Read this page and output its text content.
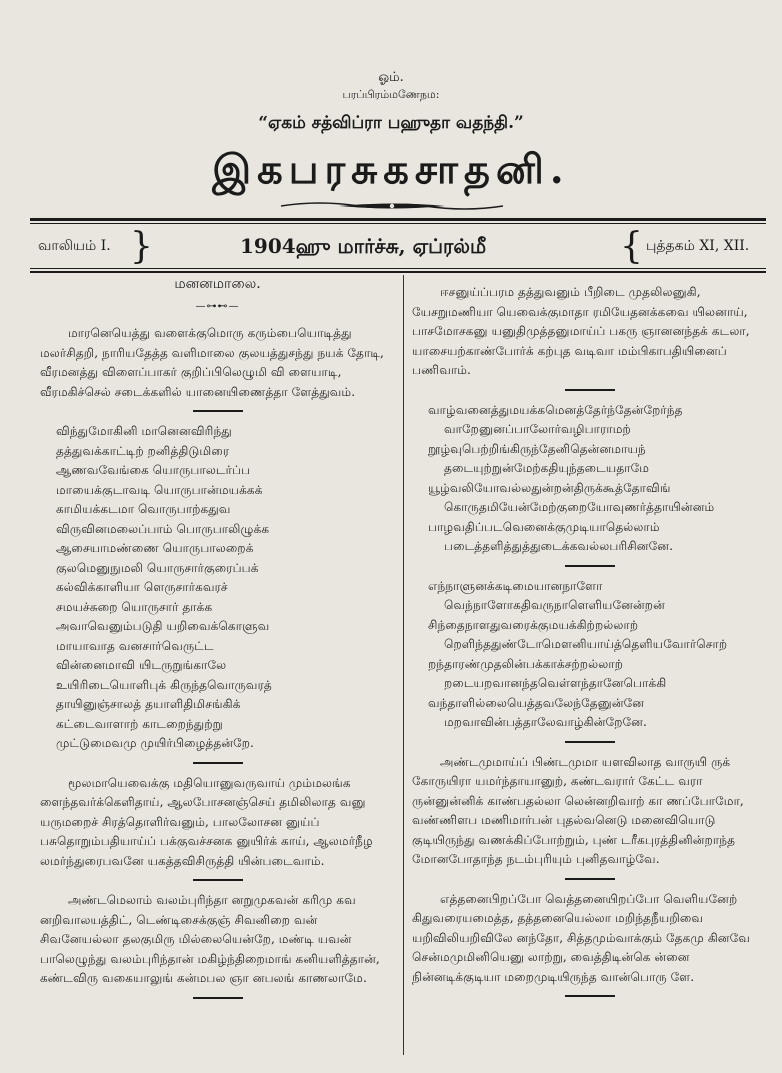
ஓம்.
பரப்பிரம்மணேநம:
“ஏகம் சத்விப்ரா பஹுதா வதந்தி.”
இகபரசுகசாதனி.
வாலியம் I. }	1904ஹு மார்ச்சு, ஏப்ரல்மீ	{ புத்தகம் XI, XII.
மனனமாலை.
—⊶⊷—

மாரனெயெத்து வளைக்குமொரு கரும்பையொடித்து மலர்சிதறி, நாரியதேத்த வளிமாலை குலயத்துசந்து நயக் தோடி, வீரமனத்து விளைப்பாகர் குறிப்பிலெழுமி வி ளையாடி, வீரமகிச்செல் சடைக்களில் யானையிணைத்தா ளேத்துவம்.

விந்துமோகினி மானெனவிரிந்து
தத்துவக்காட்டிற் றனித்திடுமிரை
ஆணவவேங்கை யொருபாலடர்ப்ப
மாயைக்குடாவடி யொருபான்மயக்கக்
காமியக்கடமா வொருபாற்கதுவ
விருவினமலைப்பாம் பொருபாலிழுக்க
ஆசையாமண்ணை யொருபாலறைக்
குலமெனுநுமலி யொருசார்குரைப்பக்
கல்விக்காளியா ளெருசார்கவரச்
சமயச்சுறை யொருசார் தாக்க
அவாவெனும்படுதி யறிவைக்கொளுவ
மாயாவாத வனசார்வெருட்ட
வின்னைமாவி யிடருறுங்காலே
உயிரிடையொளிபுக் கிருந்தவொருவரத்
தாயினுஞ்சாலத் தயாளிதிமிசங்கிக்
கட்டைவாளாற் காடறைந்துற்று
முட்டுமைவமு முயிர்பிழைத்தன்றே.

மூலமாயெவைக்கு மதியொனுவருவாய் மும்மலங்க ளைந்தவர்க்கெளிதாய், ஆலபோசனஞ்செய் தமிலிலாத வனு யருமறைச் சிரத்தொளிர்வனும், பாலலோசன னுய்ப் பசுதொறும்பதியாய்ப் பக்குவச்சனக னுயிர்க் காய், ஆலமர்நீழ லமர்ந்துரைபவனே யகத்தவிசிருத்தி யின்படைவாம்.

அண்டமெலாம் வலம்புரிந்தா னறுமுகவன் கரிமு கவ னறிவாலயத்திட், டெண்டிசைக்குஞ் சிவனிறை வன் சிவனேயல்லா தலகுமிரு மில்லையென்றே, மண்டி யவன் பாலெழுந்து வலம்புரிந்தான் மகிழ்ந்திறைமாங் கனியளித்தான், கண்டவிரு வகையாலுங் கன்மபல ஞா னபலங் காணலாமே.

ஈசனுய்ப்பரம தத்துவனும் பீறிடை முதலிலனுகி, யேசறுமணியா யெவைக்குமாதா ரமியேதனக்கவை யிலனாய், பாசமோசகனு யனுதிமுத்தனுமாய்ப் பகரு ஞானனந்தக் கடலா, யாசையற்காண்போர்க் கற்புத வடிவா மம்பிகாபதியினைப் பணிவாம்.

வாழ்வனைத்துமயக்கமெனத்தேர்ந்தேன்றேர்ந்த
வாறேனுனப்பாலோர்வழிபாராமற்
றூழ்வுபெற்றிங்கிருந்தேனிதென்னமாயந்
தடையுற்றுன்மேற்கதியுந்தடையதாமே
யூழ்வலியோவல்லதுன்றன்திருக்கூத்தோவிங்
கொருதமியேன்மேற்குறையோவுணர்த்தாயின்னம்
பாழவதிப்படவெனைக்குமுடியாதெல்லாம்
படைத்தளித்துத்துடைக்கவல்லபரிசினனே.
எந்நாளுனக்கடிமையானநாளோ
வெந்நாளோகதிவருநாளெளியனேன்றன்
சிந்தைநாளதுவரைக்குமயக்கிற்றல்லாற்
றெளிந்ததுண்டோமௌனியாய்த்தெளியவோர்சொற்
றந்தாரண்முதலின்பக்காக்சற்றல்லாற்
றடையறவானந்தவெள்ளந்தானேபொக்கி
வந்தாளில்லையெத்தவலேந்தேனுன்னே
மறவாவின்பத்தாலேவாழ்கின்றேனே.

அண்டமுமாய்ப் பிண்டமுமா யளவிலாத வாருயி ருக் கோருயிரா யமர்ந்தாயானுற், கண்டவரார் கேட்ட வரா ருன்னுன்னிக் காண்பதல்லா லென்னறிவாற் கா ணப்போமோ, வண்ணிளப மணிமார்பன் புதல்வனெடு மனைவியொடு குடியிருந்து வணக்கிப்போற்றும், புண் டரீகபுரத்தினின்றாந்த மோனபோதாந்த நடம்புரியும் புனிதவாழ்வே.

எத்தனைபிறப்போ வெத்தனையிறப்போ வெளியனேற் கிதுவரையமைத்த, தத்தனையெல்லா மறிந்தநீயறிவை யறிவிலியறிவிலே னந்தோ, சித்தமும்வாக்கும் தேகமு கினவே சென்மமுமினியெனு லாற்று, வைத்திடின்கெ ன்னை நின்னடிக்குடியா மறைமுடியிருந்த வான்பொரு ளே.
